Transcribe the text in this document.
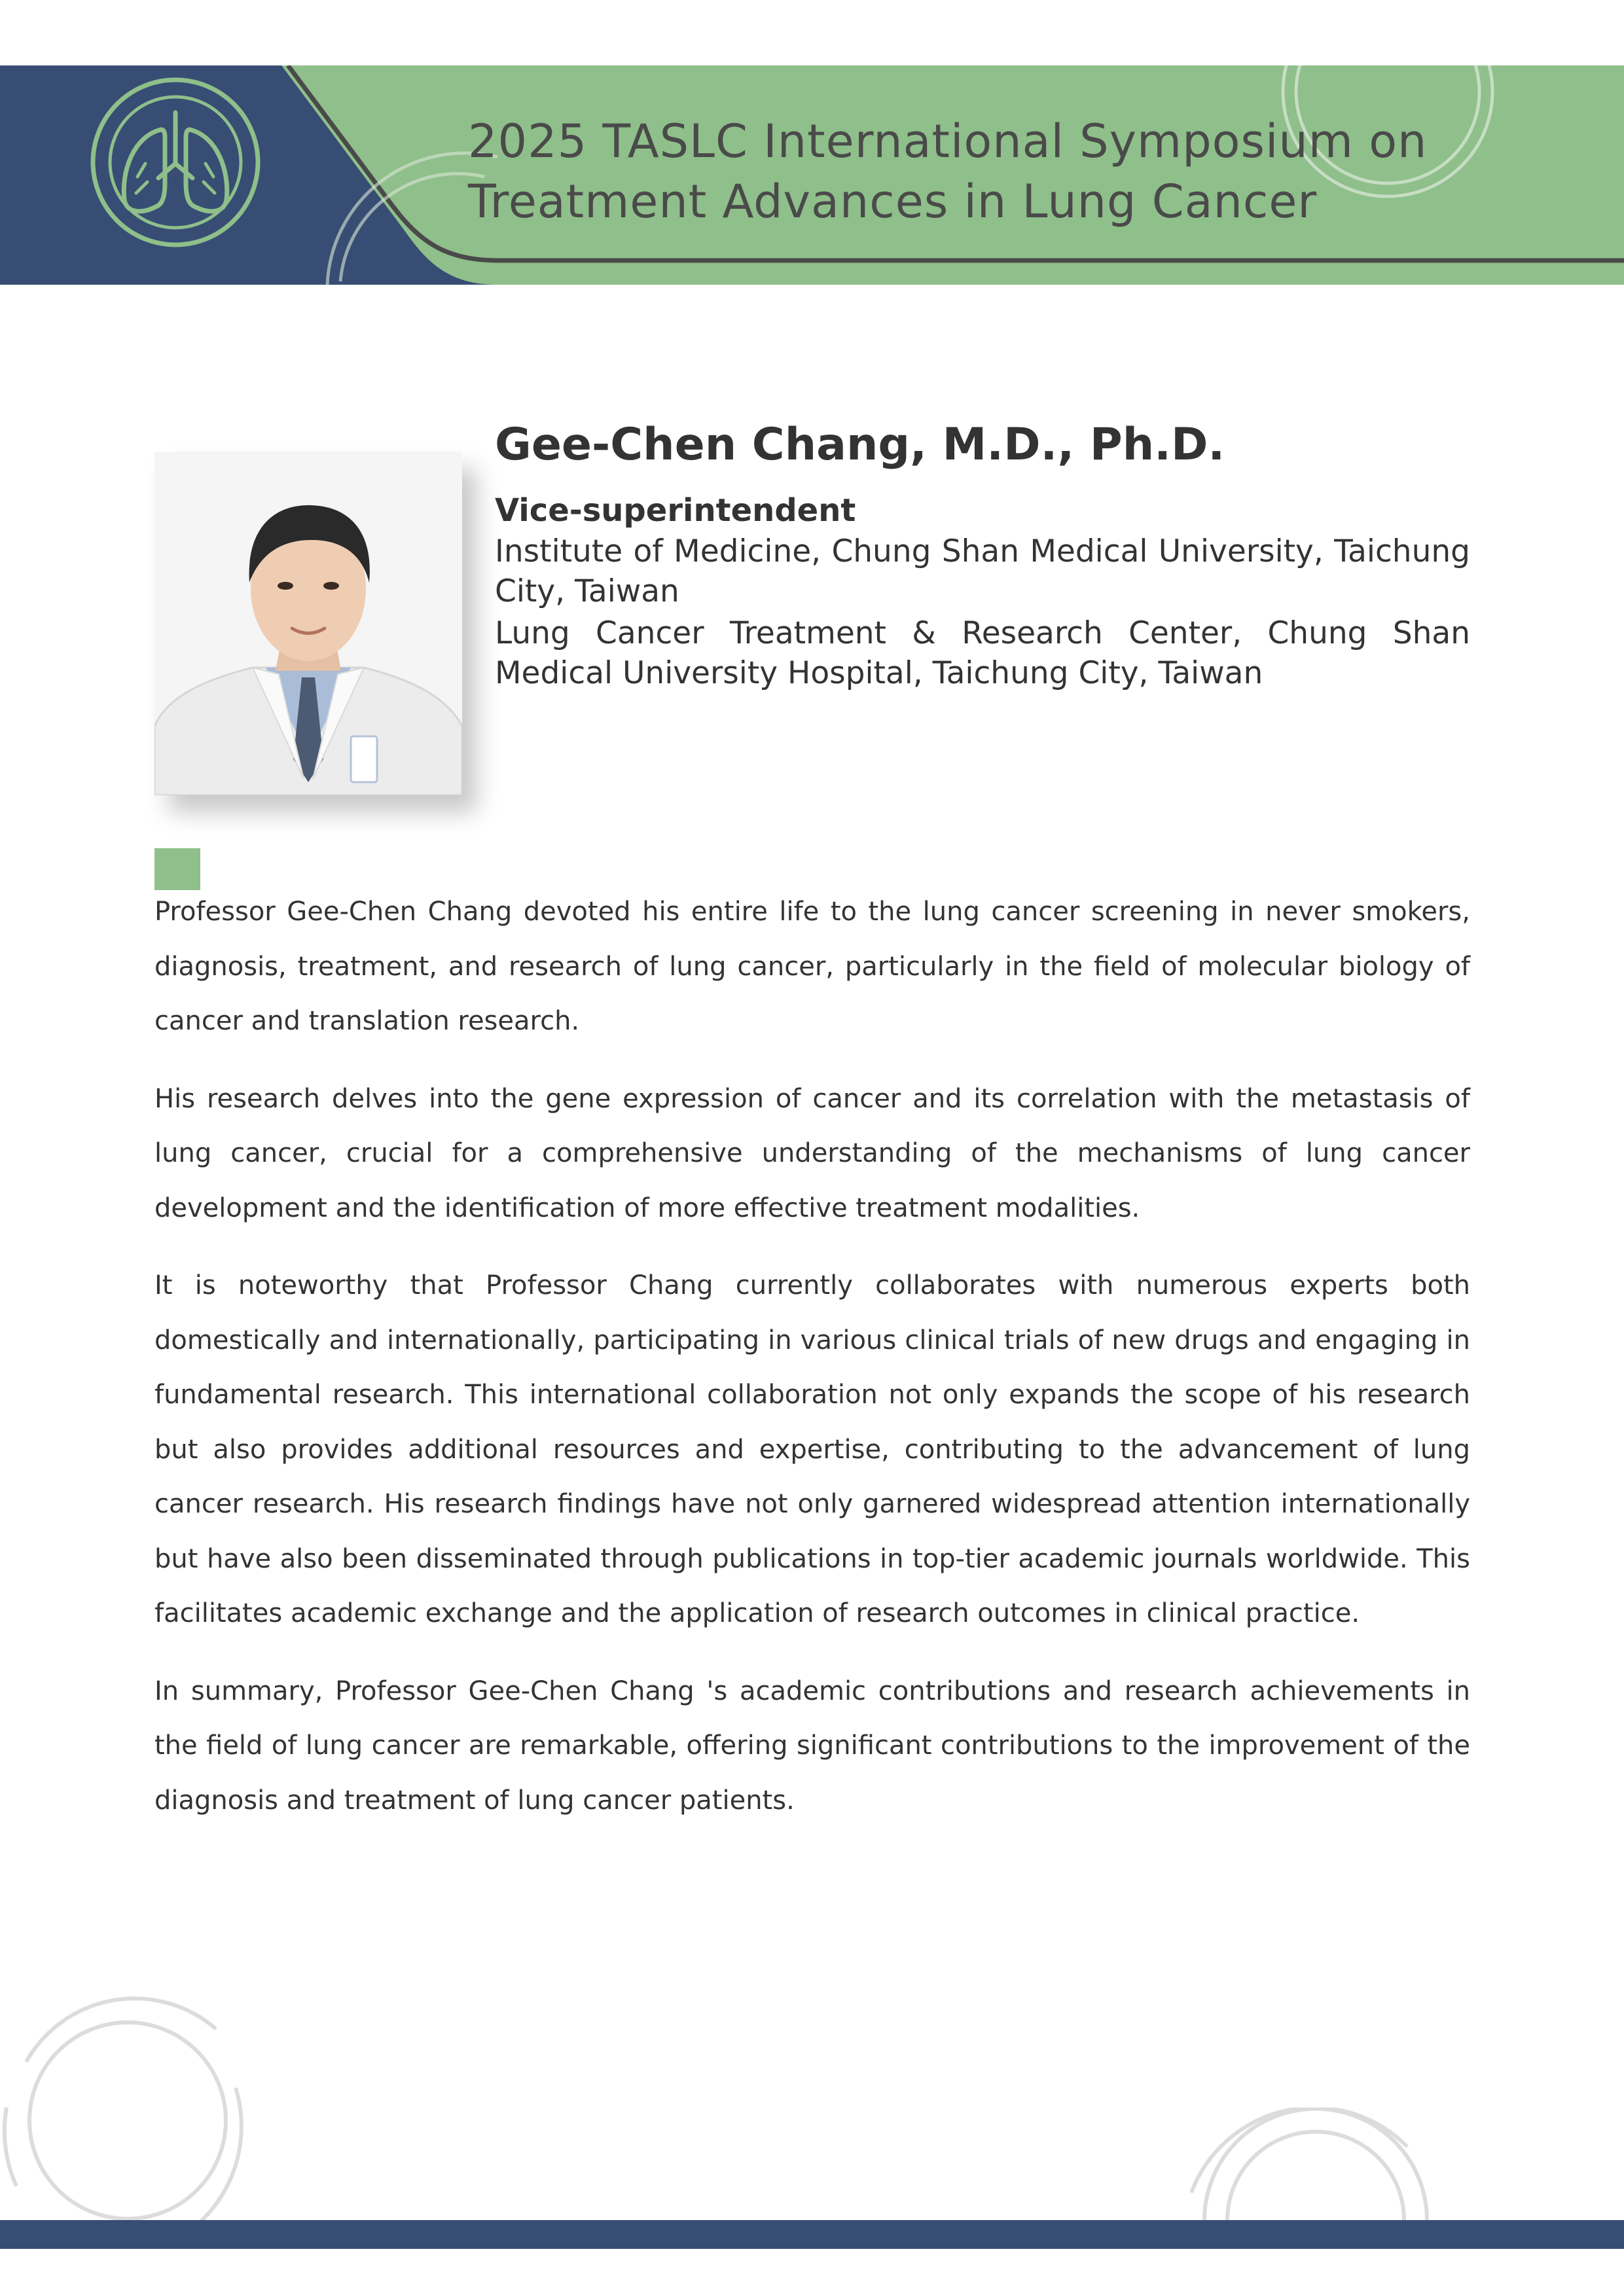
2025 TASLC International Symposium on
Treatment Advances in Lung Cancer
Gee-Chen Chang, M.D., Ph.D.
Vice-superintendent

Institute of Medicine, Chung Shan Medical University, Taichung City, Taiwan

Lung Cancer Treatment & Research Center, Chung Shan Medical University Hospital, Taichung City, Taiwan

Professor Gee-Chen Chang devoted his entire life to the lung cancer screening in never smokers, diagnosis, treatment, and research of lung cancer, particularly in the field of molecular biology of cancer and translation research.

His research delves into the gene expression of cancer and its correlation with the metastasis of lung cancer, crucial for a comprehensive understanding of the mechanisms of lung cancer development and the identification of more effective treatment modalities.

It is noteworthy that Professor Chang currently collaborates with numerous experts both domestically and internationally, participating in various clinical trials of new drugs and engaging in fundamental research. This international collaboration not only expands the scope of his research but also provides additional resources and expertise, contributing to the advancement of lung cancer research. His research findings have not only garnered widespread attention internationally but have also been disseminated through publications in top-tier academic journals worldwide. This facilitates academic exchange and the application of research outcomes in clinical practice.

In summary, Professor Gee-Chen Chang 's academic contributions and research achievements in the field of lung cancer are remarkable, offering significant contributions to the improvement of the diagnosis and treatment of lung cancer patients.
